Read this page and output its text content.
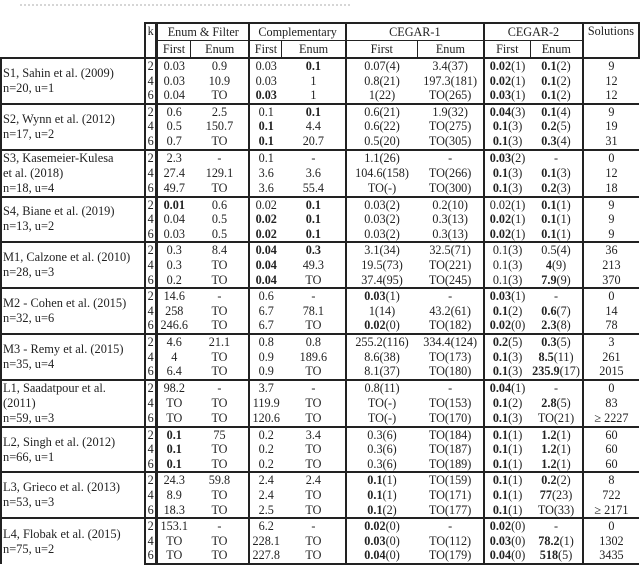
	k	Enum & Filter		Complementary		CEGAR-1		CEGAR-2		Solutions
		First	Enum	First	Enum	First	Enum	First	Enum	

S1, Sahin et al. (2009)
n=20, u=1	2	0.03	0.9	0.03	0.1	0.07(4)	3.4(37)	0.02(1)	0.1(2)	9
	4	0.03	10.9	0.03	1	0.8(21)	197.3(181)	0.02(1)	0.1(2)	12
	6	0.04	TO	0.03	1	1(22)	TO(265)	0.03(1)	0.1(2)	12

S2, Wynn et al. (2012)
n=17, u=2	2	0.6	2.5	0.1	0.1	0.6(21)	1.9(32)	0.04(3)	0.1(4)	9
	4	0.5	150.7	0.1	4.4	0.6(22)	TO(275)	0.1(3)	0.2(5)	19
	6	0.7	TO	0.1	20.7	0.5(20)	TO(305)	0.1(3)	0.3(4)	31

S3, Kasemeier-Kulesa
et al. (2018)
n=18, u=4	2	2.3	-	0.1	-	1.1(26)	-	0.03(2)	-	0
	4	27.4	129.1	3.6	3.6	104.6(158)	TO(266)	0.1(3)	0.1(3)	12
	6	49.7	TO	3.6	55.4	TO(-)	TO(300)	0.1(3)	0.2(3)	18

S4, Biane et al. (2019)
n=13, u=2	2	0.01	0.6	0.02	0.1	0.03(2)	0.2(10)	0.02(1)	0.1(1)	9
	4	0.04	0.5	0.02	0.1	0.03(2)	0.3(13)	0.02(1)	0.1(1)	9
	6	0.03	0.5	0.02	0.1	0.03(2)	0.3(13)	0.02(1)	0.1(1)	9

M1, Calzone et al. (2010)
n=28, u=3	2	0.3	8.4	0.04	0.3	3.1(34)	32.5(71)	0.1(3)	0.5(4)	36
	4	0.3	TO	0.04	49.3	19.5(73)	TO(221)	0.1(3)	4(9)	213
	6	0.2	TO	0.04	TO	37.4(95)	TO(245)	0.1(3)	7.9(9)	370

M2 - Cohen et al. (2015)
n=32, u=6	2	14.6	-	0.6	-	0.03(1)	-	0.03(1)	-	0
	4	258	TO	6.7	78.1	1(14)	43.2(61)	0.1(2)	0.6(7)	14
	6	246.6	TO	6.7	TO	0.02(0)	TO(182)	0.02(0)	2.3(8)	78

M3 - Remy et al. (2015)
n=35, u=4	2	4.6	21.1	0.8	0.8	255.2(116)	334.4(124)	0.2(5)	0.3(5)	3
	4	4	TO	0.9	189.6	8.6(38)	TO(173)	0.1(3)	8.5(11)	261
	6	6.4	TO	0.9	TO	8.1(37)	TO(180)	0.1(3)	235.9(17)	2015

L1, Saadatpour et al.
(2011)
n=59, u=3	2	98.2	-	3.7	-	0.8(11)	-	0.04(1)	-	0
	4	TO	TO	119.9	TO	TO(-)	TO(153)	0.1(2)	2.8(5)	83
	6	TO	TO	120.6	TO	TO(-)	TO(170)	0.1(3)	TO(21)	≥ 2227

L2, Singh et al. (2012)
n=66, u=1	2	0.1	75	0.2	3.4	0.3(6)	TO(184)	0.1(1)	1.2(1)	60
	4	0.1	TO	0.2	TO	0.3(6)	TO(187)	0.1(1)	1.2(1)	60
	6	0.1	TO	0.2	TO	0.3(6)	TO(189)	0.1(1)	1.2(1)	60

L3, Grieco et al. (2013)
n=53, u=3	2	24.3	59.8	2.4	2.4	0.1(1)	TO(159)	0.1(1)	0.2(2)	8
	4	8.9	TO	2.4	TO	0.1(1)	TO(171)	0.1(1)	77(23)	722
	6	18.3	TO	2.5	TO	0.1(2)	TO(177)	0.1(1)	TO(33)	≥ 2171

L4, Flobak et al. (2015)
n=75, u=2	2	153.1	-	6.2	-	0.02(0)	-	0.02(0)	-	0
	4	TO	TO	228.1	TO	0.03(0)	TO(112)	0.03(0)	78.2(1)	1302
	6	TO	TO	227.8	TO	0.04(0)	TO(179)	0.04(0)	518(5)	3435
